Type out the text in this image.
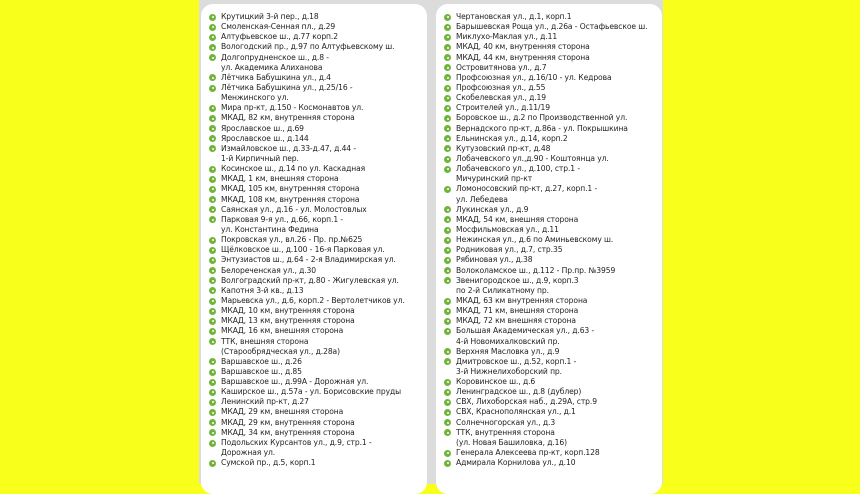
Крутицкий 3-й пер., д.18
Смоленская-Сенная пл., д.29
Алтуфьевское ш., д.77 корп.2
Вологодский пр., д.97 по Алтуфьевскому ш.
Долгопрудненское ш., д.8 -
ул. Академика Алиханова
Лётчика Бабушкина ул., д.4
Лётчика Бабушкина ул., д.25/16 -
Менжинского ул.
Мира пр-кт, д.150 - Космонавтов ул.
МКАД, 82 км, внутренняя сторона
Ярославское ш., д.69
Ярославское ш., д.144
Измайловское ш., д.33-д.47, д.44 -
1-й Кирпичный пер.
Косинское ш., д.14 по ул. Каскадная
МКАД, 1 км, внешняя сторона
МКАД, 105 км, внутренняя сторона
МКАД, 108 км, внутренняя сторона
Саянская ул., д.16 - ул. Молостовлых
Парковая 9-я ул., д.66, корп.1 -
ул. Константина Федина
Покровская ул., вл.26 - Пр. пр.№625
Щёлковское ш., д.100 - 16-я Парковая ул.
Энтузиастов ш., д.64 - 2-я Владимирская ул.
Белореченская ул., д.30
Волгоградский пр-кт, д.80 - Жигулевская ул.
Капотня 3-й кв., д.13
Марьевска ул., д.6, корп.2 - Вертолетчиков ул.
МКАД, 10 км, внутренняя сторона
МКАД, 13 км, внутренняя сторона
МКАД, 16 км, внешняя сторона
ТТК, внешняя сторона
(Старообрядческая ул., д.28а)
Варшавское ш., д.26
Варшавское ш., д.85
Варшавское ш., д.99А - Дорожная ул.
Каширское ш., д.57а - ул. Борисовские пруды
Ленинский пр-кт, д.27
МКАД, 29 км, внешняя сторона
МКАД, 29 км, внутренняя сторона
МКАД, 34 км, внутренняя сторона
Подольских Курсантов ул., д.9, стр.1 -
Дорожная ул.
Сумской пр., д.5, корп.1
Чертановская ул., д.1, корп.1
Барышевская Роща ул., д.26а - Остафьевское ш.
Миклухо-Маклая ул., д.11
МКАД, 40 км, внутренняя сторона
МКАД, 44 км, внутренняя сторона
Островитянова ул., д.7
Профсоюзная ул., д.16/10 - ул. Кедрова
Профсоюзная ул., д.55
Скобелевская ул., д.19
Строителей ул., д.11/19
Боровское ш., д.2 по Производственной ул.
Вернадского пр-кт, д.86а - ул. Покрышкина
Ельнинская ул., д.14, корп.2
Кутузовский пр-кт, д.48
Лобачевского ул.,д.90 - Коштоянца ул.
Лобачевского ул., д.100, стр.1 -
Мичуринский пр-кт
Ломоносовский пр-кт, д.27, корп.1 -
ул. Лебедева
Лукинская ул., д.9
МКАД, 54 км, внешняя сторона
Мосфильмовская ул., д.11
Нежинская ул., д.6 по Аминьевскому ш.
Родниковая ул., д.7, стр.35
Рябиновая ул., д.38
Волоколамское ш., д.112 - Пр.пр. №3959
Звенигородское ш., д.9, корп.3
по 2-й Силикатному пр.
МКАД, 63 км внутренняя сторона
МКАД, 71 км, внешняя сторона
МКАД, 72 км внешняя сторона
Большая Академическая ул., д.63 -
4-й Новомихалковский пр.
Верхняя Масловка ул., д.9
Дмитровское ш., д.52, корп.1 -
3-й Нижнелихоборский пр.
Коровинское ш., д.6
Ленинградское ш., д.8 (дублер)
СВХ, Лихоборская наб., д.29А, стр.9
СВХ, Краснополянская ул., д.1
Солнечногорская ул., д.3
ТТК, внутренняя сторона
(ул. Новая Башиловка, д.16)
Генерала Алексеева пр-кт, корп.128
Адмирала Корнилова ул., д.10
